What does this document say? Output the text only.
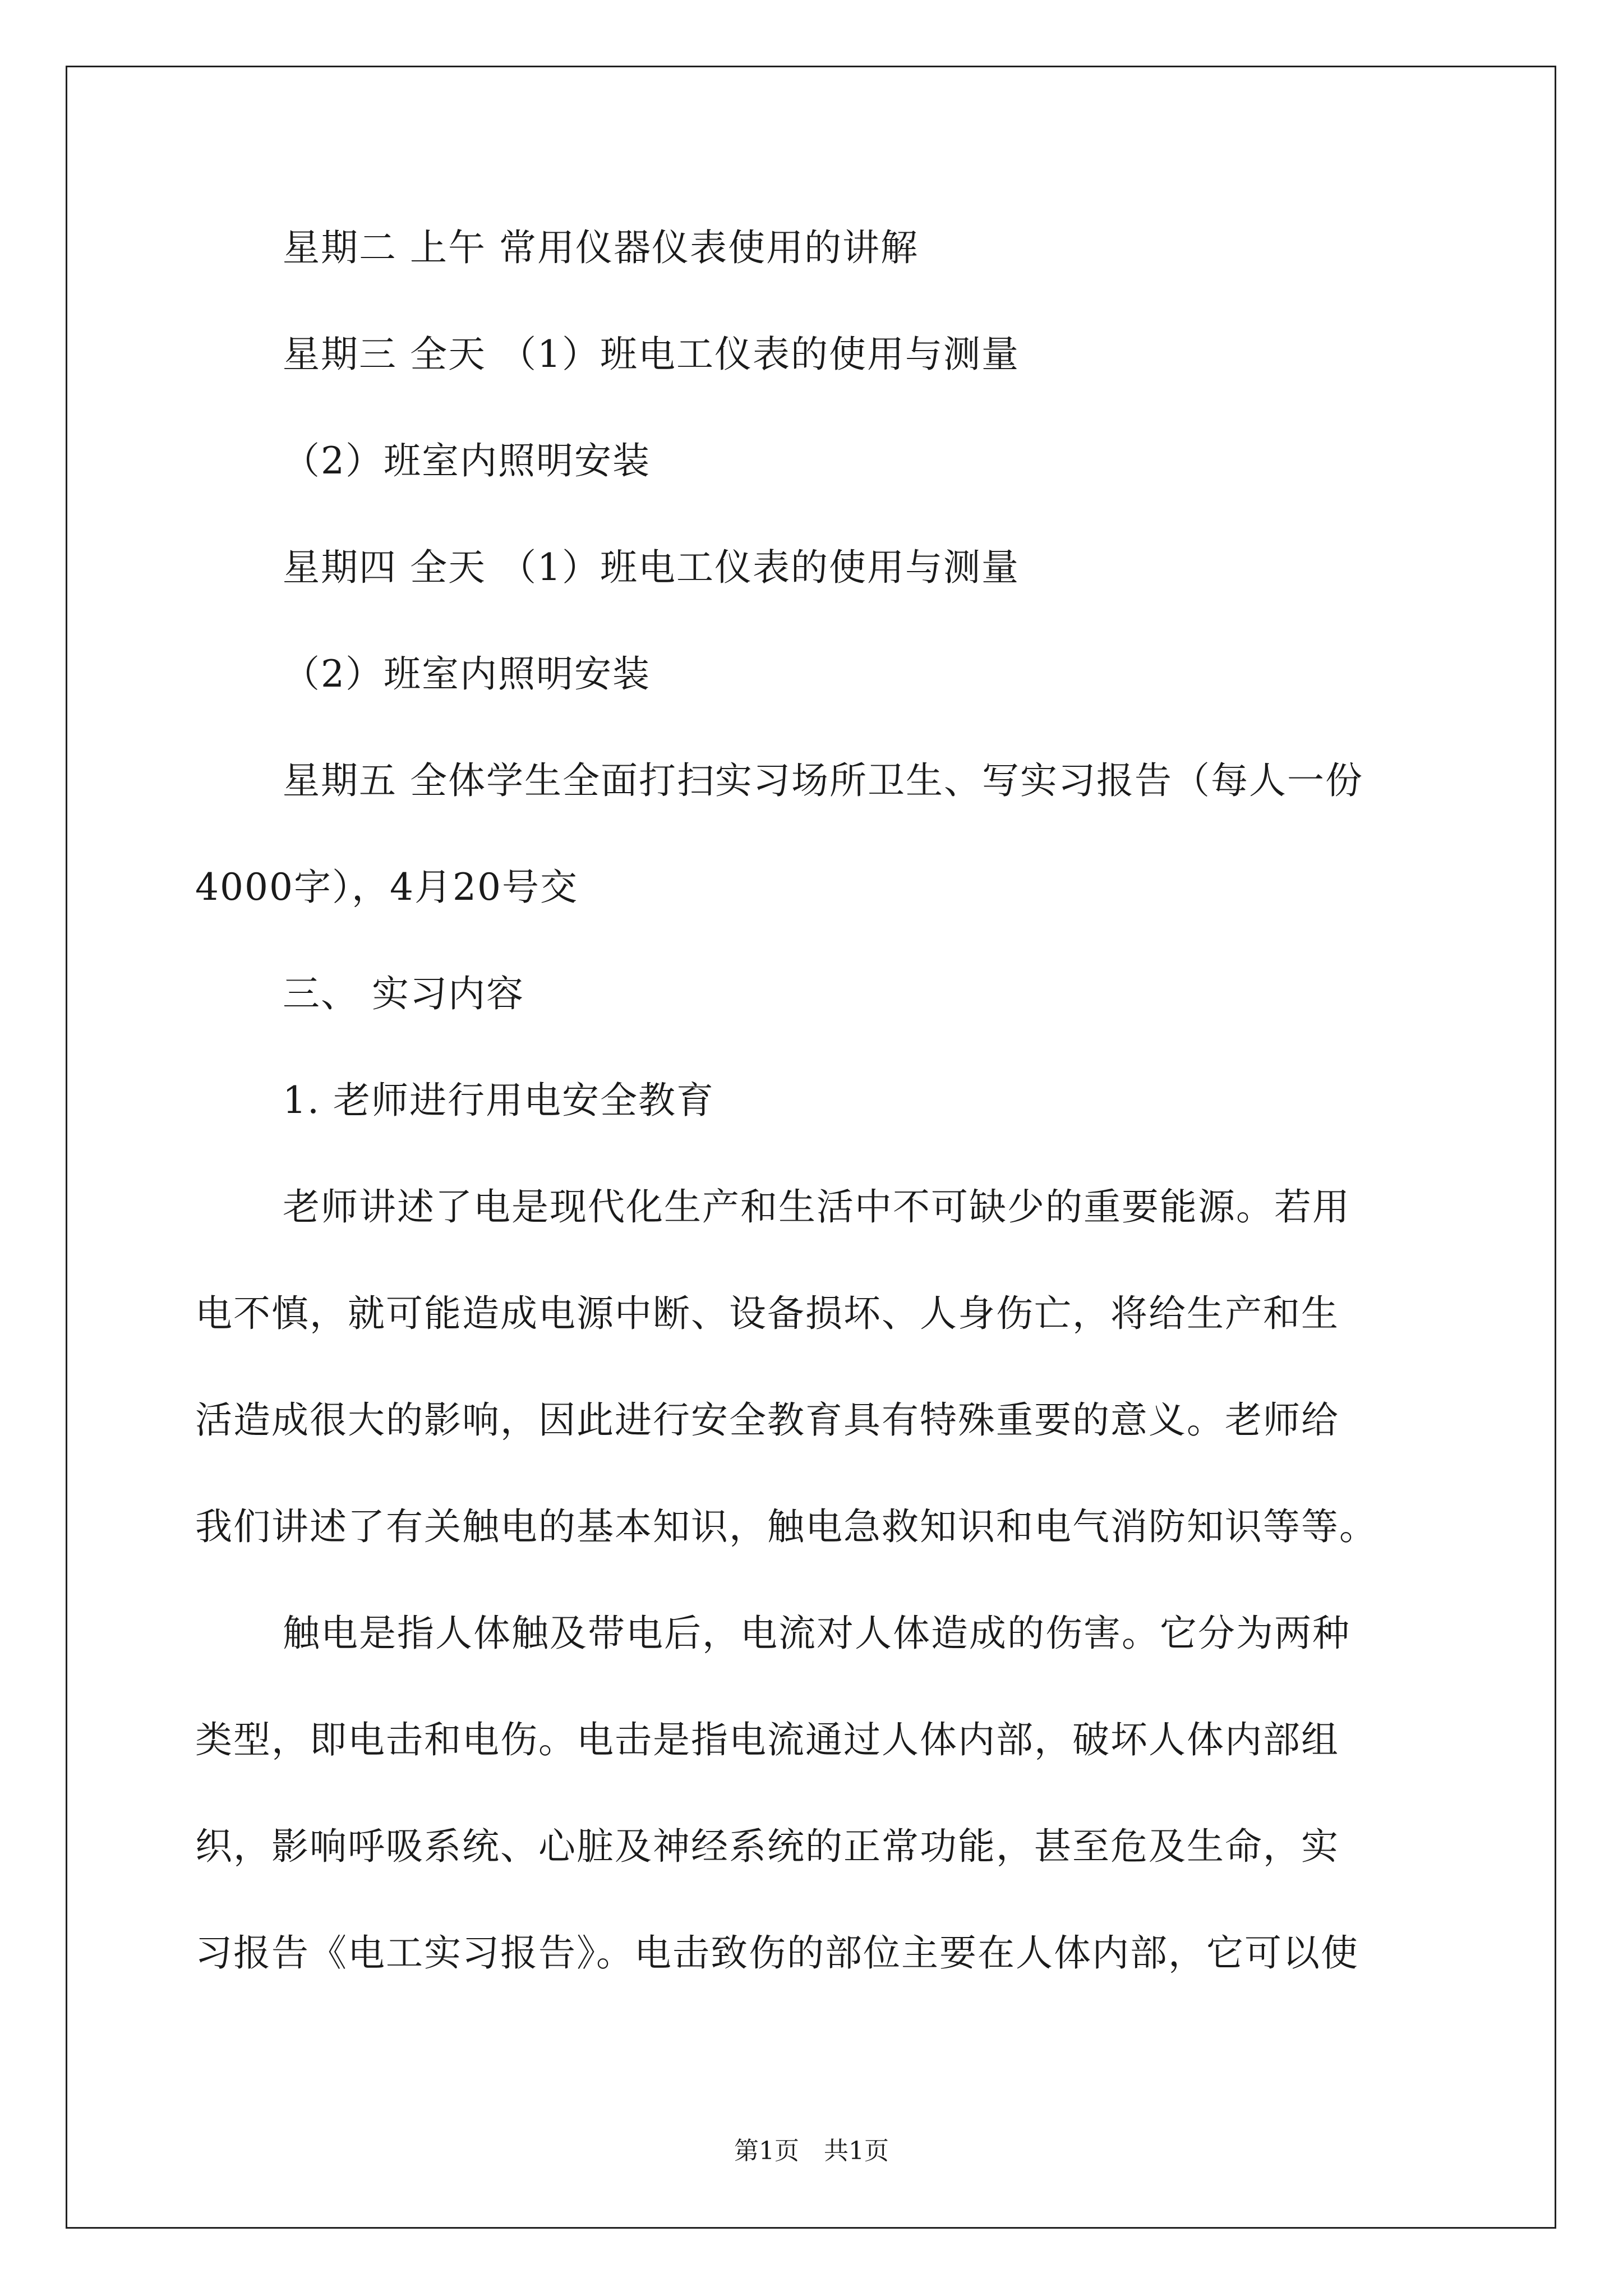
星期二 上午 常用仪器仪表使用的讲解

星期三 全天 （1）班电工仪表的使用与测量

（2）班室内照明安装

星期四 全天 （1）班电工仪表的使用与测量

（2）班室内照明安装

星期五 全体学生全面打扫实习场所卫生、写实习报告（每人一份

4000字），4月20号交

三、 实习内容

1. 老师进行用电安全教育

老师讲述了电是现代化生产和生活中不可缺少的重要能源。若用

电不慎，就可能造成电源中断、设备损坏、人身伤亡，将给生产和生

活造成很大的影响，因此进行安全教育具有特殊重要的意义。老师给

我们讲述了有关触电的基本知识，触电急救知识和电气消防知识等等。

触电是指人体触及带电后，电流对人体造成的伤害。它分为两种

类型，即电击和电伤。电击是指电流通过人体内部，破坏人体内部组

织，影响呼吸系统、心脏及神经系统的正常功能，甚至危及生命，实

习报告《电工实习报告》。电击致伤的部位主要在人体内部，它可以使

第1页　共1页
